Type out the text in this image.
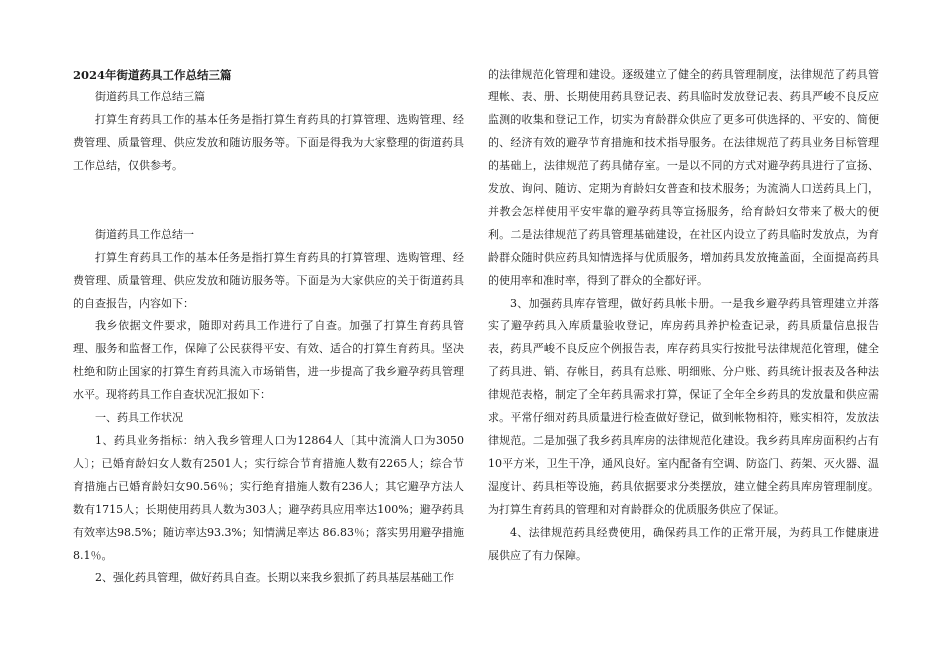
2024年街道药具工作总结三篇

街道药具工作总结三篇

打算生育药具工作的基本任务是指打算生育药具的打算管理、选购管理、经费管理、质量管理、供应发放和随访服务等。下面是得我为大家整理的街道药具工作总结，仅供参考。

街道药具工作总结一

打算生育药具工作的基本任务是指打算生育药具的打算管理、选购管理、经费管理、质量管理、供应发放和随访服务等。下面是为大家供应的关于街道药具的自查报告，内容如下：

我乡依据文件要求，随即对药具工作进行了自查。加强了打算生育药具管理、服务和监督工作，保障了公民获得平安、有效、适合的打算生育药具。坚决杜绝和防止国家的打算生育药具流入市场销售，进一步提高了我乡避孕药具管理水平。现将药具工作自查状况汇报如下：

一、药具工作状况

1、药具业务指标：纳入我乡管理人口为12864人〔其中流淌人口为3050人〕；已婚育龄妇女人数有2501人；实行综合节育措施人数有2265人；综合节育措施占已婚育龄妇女90.56％；实行绝育措施人数有236人；其它避孕方法人数有1715人；长期使用药具人数为303人；避孕药具应用率达100%；避孕药具有效率达98.5%；随访率达93.3%；知情满足率达 86.83％；落实男用避孕措施8.1％。

2、强化药具管理，做好药具自查。长期以来我乡狠抓了药具基层基础工作

的法律规范化管理和建设。逐级建立了健全的药具管理制度，法律规范了药具管理帐、表、册、长期使用药具登记表、药具临时发放登记表、药具严峻不良反应监测的收集和登记工作，切实为育龄群众供应了更多可供选择的、平安的、简便的、经济有效的避孕节育措施和技术指导服务。在法律规范了药具业务目标管理的基础上，法律规范了药具储存室。一是以不同的方式对避孕药具进行了宣扬、发放、询问、随访、定期为育龄妇女普查和技术服务；为流淌人口送药具上门，并教会怎样使用平安牢靠的避孕药具等宣扬服务，给育龄妇女带来了极大的便利。二是法律规范了药具管理基础建设，在社区内设立了药具临时发放点，为育龄群众随时供应药具知情选择与优质服务，增加药具发放掩盖面，全面提高药具的使用率和准时率，得到了群众的全都好评。

3、加强药具库存管理，做好药具帐卡册。一是我乡避孕药具管理建立并落实了避孕药具入库质量验收登记，库房药具养护检查记录，药具质量信息报告表，药具严峻不良反应个例报告表，库存药具实行按批号法律规范化管理，健全了药具进、销、存帐目，药具有总账、明细账、分户账、药具统计报表及各种法律规范表格，制定了全年药具需求打算，保证了全年全乡药具的发放量和供应需求。平常仔细对药具质量进行检查做好登记，做到帐物相符，账实相符，发放法律规范。二是加强了我乡药具库房的法律规范化建设。我乡药具库房面积约占有10平方米，卫生干净，通风良好。室内配备有空调、防盗门、药架、灭火器、温湿度计、药具柜等设施，药具依据要求分类摆放，建立健全药具库房管理制度。为打算生育药具的管理和对育龄群众的优质服务供应了保证。

4、法律规范药具经费使用，确保药具工作的正常开展，为药具工作健康进展供应了有力保障。
